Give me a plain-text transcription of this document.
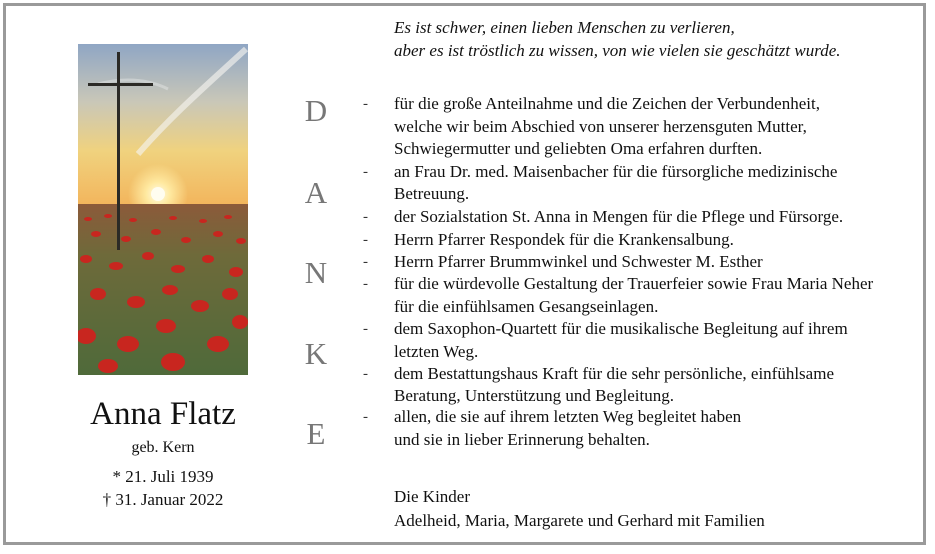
Anna Flatz
geb. Kern
* 21. Juli 1939
† 31. Januar 2022
D
A
N
K
E
Es ist schwer, einen lieben Menschen zu verlieren,
aber es ist tröstlich zu wissen, von wie vielen sie geschätzt wurde.
-
-
-
-
-
-
-
-
-
für die große Anteilnahme und die Zeichen der Verbundenheit,
welche wir beim Abschied von unserer herzensguten Mutter,
Schwiegermutter und geliebten Oma erfahren durften.
an Frau Dr. med. Maisenbacher für die fürsorgliche medizinische
Betreuung.
der Sozialstation St. Anna in Mengen für die Pflege und Fürsorge.
Herrn Pfarrer Respondek für die Krankensalbung.
Herrn Pfarrer Brummwinkel und Schwester M. Esther
für die würdevolle Gestaltung der Trauerfeier sowie Frau Maria Neher
für die einfühlsamen Gesangseinlagen.
dem Saxophon-Quartett für die musikalische Begleitung auf ihrem
letzten Weg.
dem Bestattungshaus Kraft für die sehr persönliche, einfühlsame
Beratung, Unterstützung und Begleitung.
allen, die sie auf ihrem letzten Weg begleitet haben
und sie in lieber Erinnerung behalten.
Die Kinder
Adelheid, Maria, Margarete und Gerhard mit Familien
